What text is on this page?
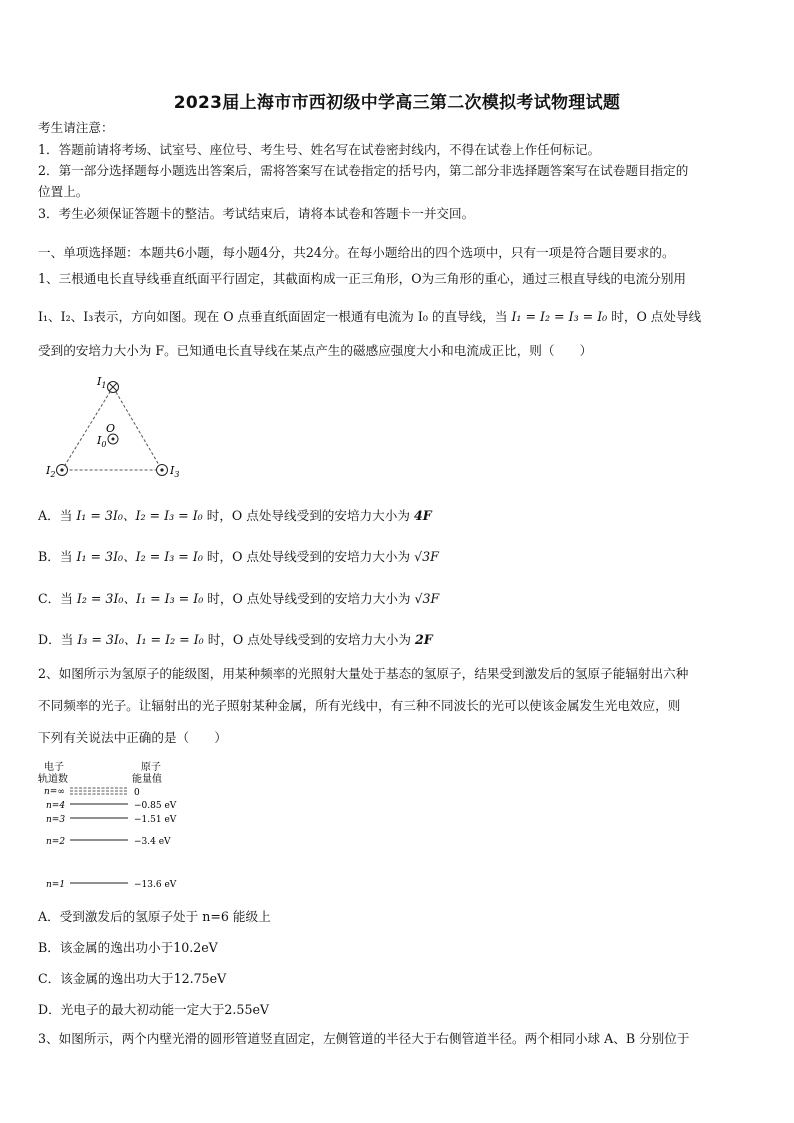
2023届上海市市西初级中学高三第二次模拟考试物理试题
考生请注意：
1．答题前请将考场、试室号、座位号、考生号、姓名写在试卷密封线内，不得在试卷上作任何标记。
2．第一部分选择题每小题选出答案后，需将答案写在试卷指定的括号内，第二部分非选择题答案写在试卷题目指定的
位置上。
3．考生必须保证答题卡的整洁。考试结束后，请将本试卷和答题卡一并交回。
一、单项选择题：本题共6小题，每小题4分，共24分。在每小题给出的四个选项中，只有一项是符合题目要求的。
1、三根通电长直导线垂直纸面平行固定，其截面构成一正三角形，O为三角形的重心，通过三根直导线的电流分别用
I₁、I₂、I₃表示，方向如图。现在 O 点垂直纸面固定一根通有电流为 I₀ 的直导线，当 I₁ = I₂ = I₃ = I₀ 时，O 点处导线
受到的安培力大小为 F。已知通电长直导线在某点产生的磁感应强度大小和电流成正比，则（　　）
$I_1$
$I_2$	$I_3$
O
$I_0$
A．当 I₁ = 3I₀、I₂ = I₃ = I₀ 时，O 点处导线受到的安培力大小为 4F
B．当 I₁ = 3I₀、I₂ = I₃ = I₀ 时，O 点处导线受到的安培力大小为 √3F
C．当 I₂ = 3I₀、I₁ = I₃ = I₀ 时，O 点处导线受到的安培力大小为 √3F
D．当 I₃ = 3I₀、I₁ = I₂ = I₀ 时，O 点处导线受到的安培力大小为 2F
2、如图所示为氢原子的能级图，用某种频率的光照射大量处于基态的氢原子，结果受到激发后的氢原子能辐射出六种
不同频率的光子。让辐射出的光子照射某种金属，所有光线中，有三种不同波长的光可以使该金属发生光电效应，则
下列有关说法中正确的是（　　）
电子
轨道数
原子
能量值
n=∞	0
n=4	−0.85 eV
n=3	−1.51 eV
n=2	−3.4 eV
n=1	−13.6 eV
A．受到激发后的氢原子处于 n=6 能级上
B．该金属的逸出功小于10.2eV
C．该金属的逸出功大于12.75eV
D．光电子的最大初动能一定大于2.55eV
3、如图所示，两个内壁光滑的圆形管道竖直固定，左侧管道的半径大于右侧管道半径。两个相同小球 A、B 分别位于
